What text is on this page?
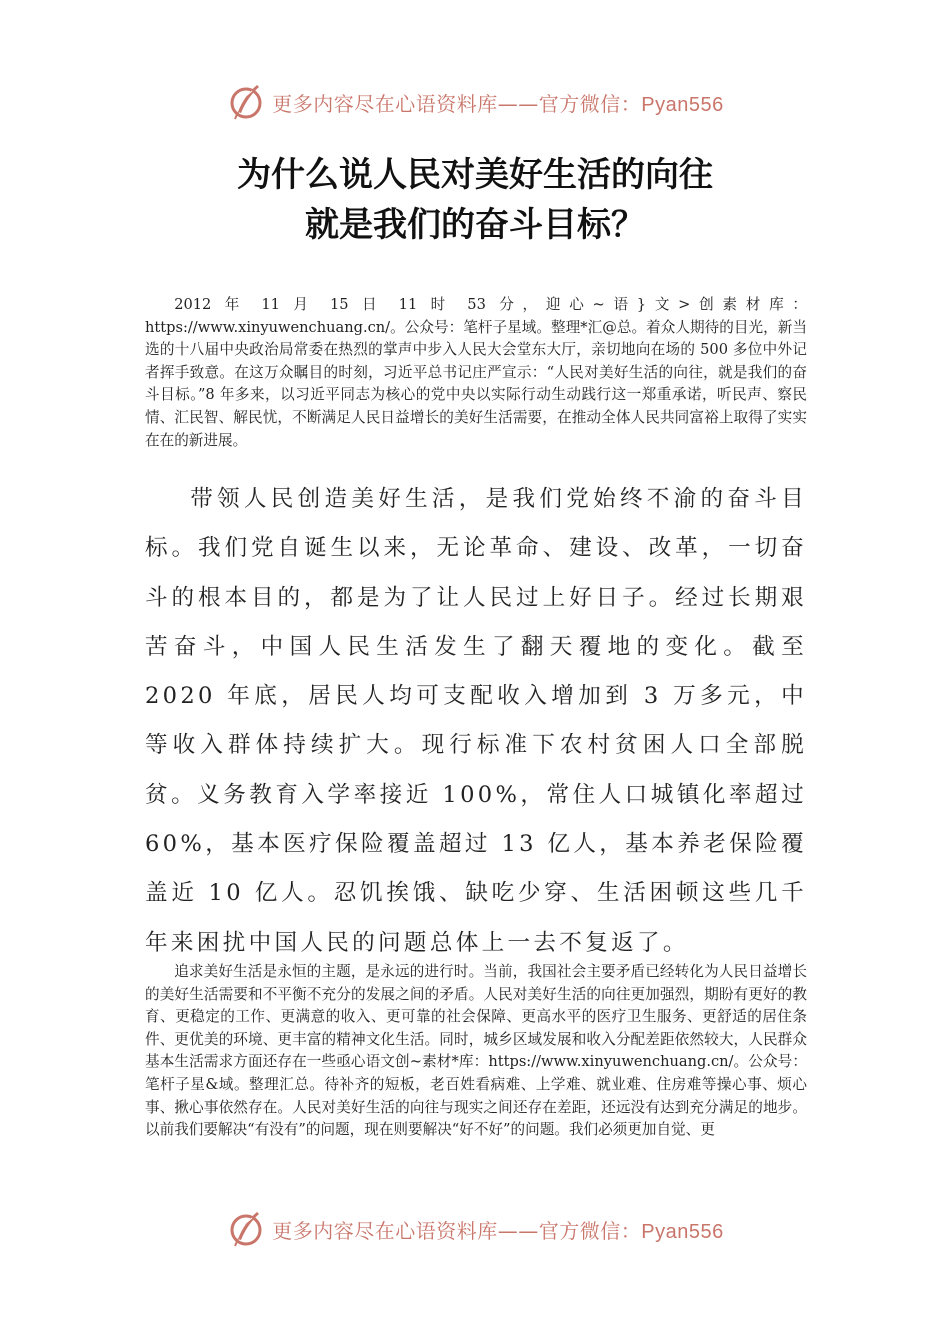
更多内容尽在心语资料库——官方微信：Pyan556
为什么说人民对美好生活的向往
就是我们的奋斗目标？

2012 年 11 月 15 日 11 时 53 分，迎心~语}文>创素材库：https://www.xinyuwenchuang.cn/。公众号：笔杆子星域。整理*汇@总。着众人期待的目光，新当选的十八届中央政治局常委在热烈的掌声中步入人民大会堂东大厅，亲切地向在场的 500 多位中外记者挥手致意。在这万众瞩目的时刻，习近平总书记庄严宣示：“人民对美好生活的向往，就是我们的奋斗目标。”8 年多来，以习近平同志为核心的党中央以实际行动生动践行这一郑重承诺，听民声、察民情、汇民智、解民忧，不断满足人民日益增长的美好生活需要，在推动全体人民共同富裕上取得了实实在在的新进展。

带领人民创造美好生活，是我们党始终不渝的奋斗目标。我们党自诞生以来，无论革命、建设、改革，一切奋斗的根本目的，都是为了让人民过上好日子。经过长期艰苦奋斗，中国人民生活发生了翻天覆地的变化。截至 2020 年底，居民人均可支配收入增加到 3 万多元，中等收入群体持续扩大。现行标准下农村贫困人口全部脱贫。义务教育入学率接近 100%，常住人口城镇化率超过 60%，基本医疗保险覆盖超过 13 亿人，基本养老保险覆盖近 10 亿人。忍饥挨饿、缺吃少穿、生活困顿这些几千年来困扰中国人民的问题总体上一去不复返了。

追求美好生活是永恒的主题，是永远的进行时。当前，我国社会主要矛盾已经转化为人民日益增长的美好生活需要和不平衡不充分的发展之间的矛盾。人民对美好生活的向往更加强烈，期盼有更好的教育、更稳定的工作、更满意的收入、更可靠的社会保障、更高水平的医疗卫生服务、更舒适的居住条件、更优美的环境、更丰富的精神文化生活。同时，城乡区域发展和收入分配差距依然较大，人民群众基本生活需求方面还存在一些亟心语文创~素材*库：https://www.xinyuwenchuang.cn/。公众号：笔杆子星&域。整理汇总。待补齐的短板，老百姓看病难、上学难、就业难、住房难等操心事、烦心事、揪心事依然存在。人民对美好生活的向往与现实之间还存在差距，还远没有达到充分满足的地步。以前我们要解决“有没有”的问题，现在则要解决“好不好”的问题。我们必须更加自觉、更

更多内容尽在心语资料库——官方微信：Pyan556
